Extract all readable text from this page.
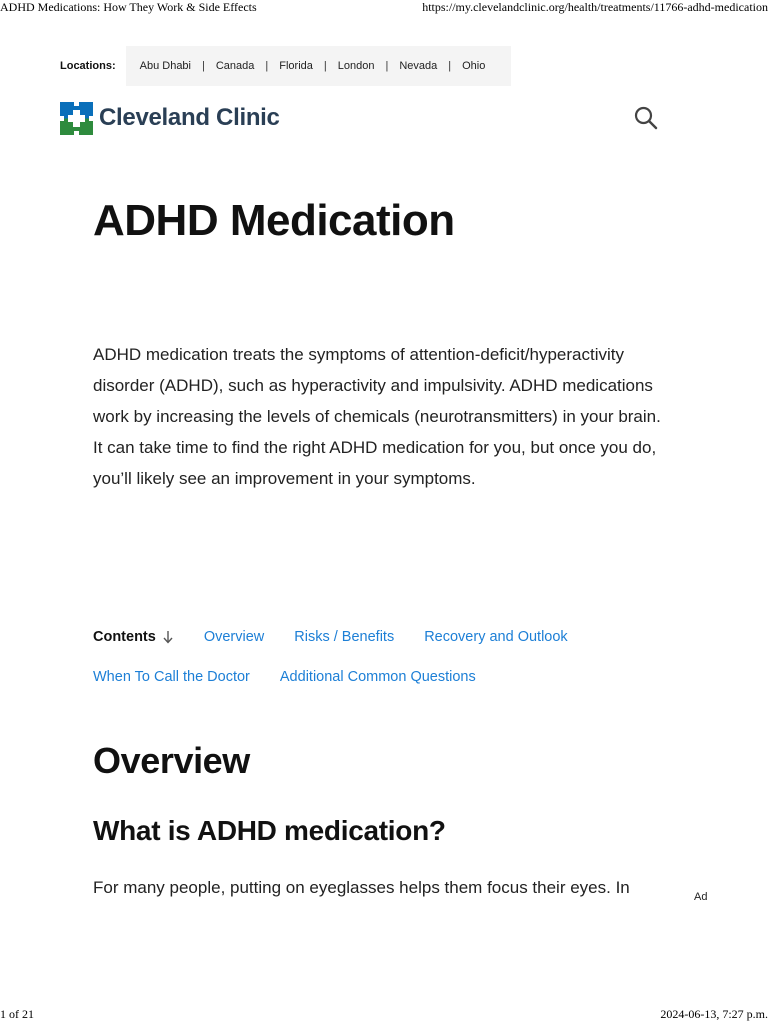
ADHD Medications: How They Work & Side Effects	https://my.clevelandclinic.org/health/treatments/11766-adhd-medication
Locations: Abu Dhabi | Canada | Florida | London | Nevada | Ohio
Cleveland Clinic
ADHD Medication

ADHD medication treats the symptoms of attention-deficit/hyperactivity disorder (ADHD), such as hyperactivity and impulsivity. ADHD medications work by increasing the levels of chemicals (neurotransmitters) in your brain. It can take time to find the right ADHD medication for you, but once you do, you’ll likely see an improvement in your symptoms.

Contents	Overview Risks / Benefits Recovery and Outlook
When To Call the Doctor Additional Common Questions
Overview
What is ADHD medication?

For many people, putting on eyeglasses helps them focus their eyes. In	Ad
1 of 21	2024-06-13, 7:27 p.m.
